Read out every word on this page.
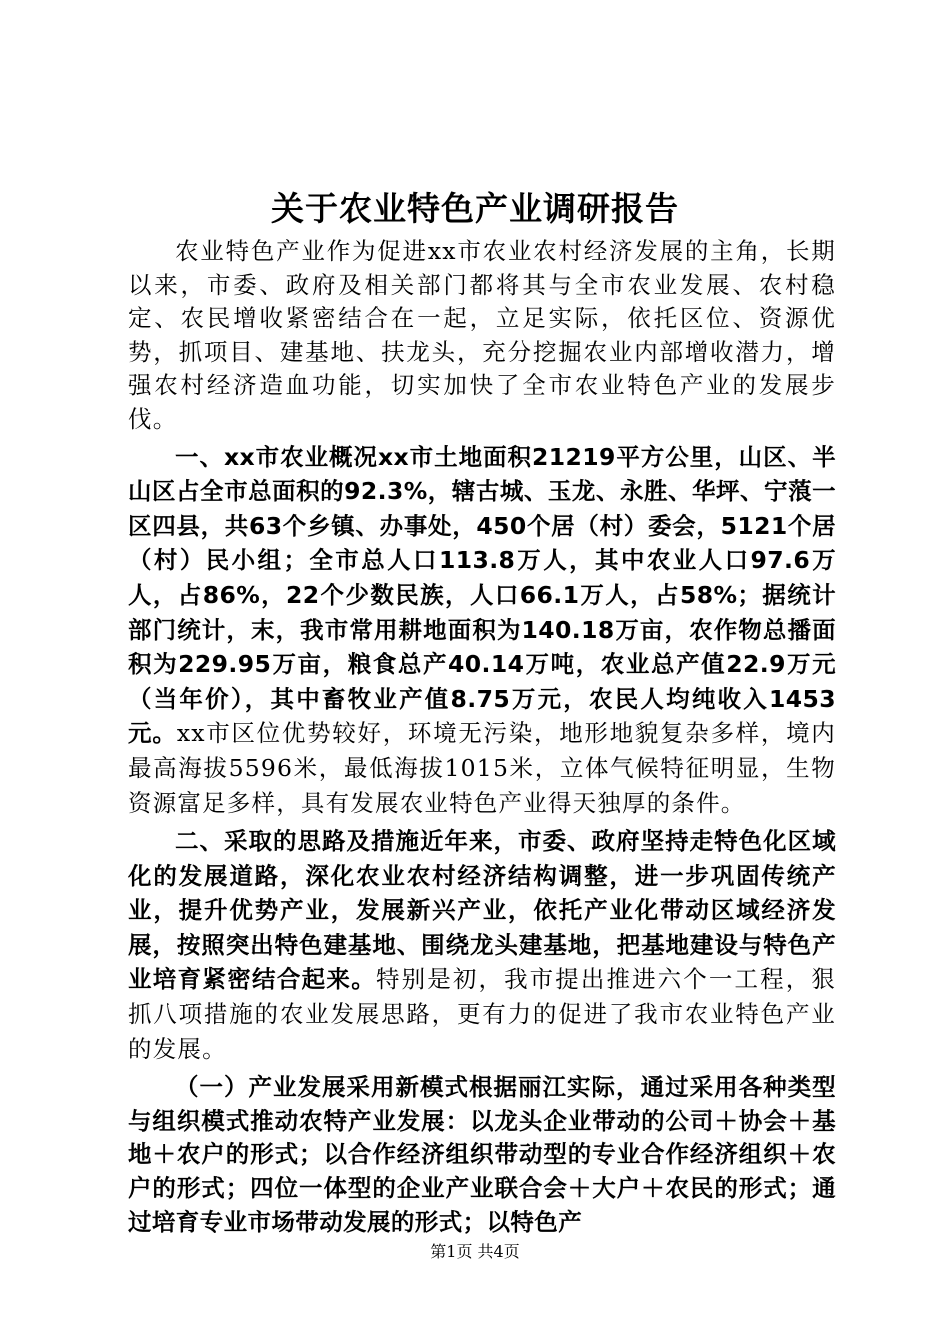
关于农业特色产业调研报告

农业特色产业作为促进xx市农业农村经济发展的主角，长期以来，市委、政府及相关部门都将其与全市农业发展、农村稳定、农民增收紧密结合在一起，立足实际，依托区位、资源优势，抓项目、建基地、扶龙头，充分挖掘农业内部增收潜力，增强农村经济造血功能，切实加快了全市农业特色产业的发展步伐。

一、xx市农业概况xx市土地面积21219平方公里，山区、半山区占全市总面积的92.3%，辖古城、玉龙、永胜、华坪、宁蒗一区四县，共63个乡镇、办事处，450个居（村）委会，5121个居（村）民小组；全市总人口113.8万人，其中农业人口97.6万人，占86%，22个少数民族，人口66.1万人，占58%；据统计部门统计，末，我市常用耕地面积为140.18万亩，农作物总播面积为229.95万亩，粮食总产40.14万吨，农业总产值22.9万元（当年价），其中畜牧业产值8.75万元，农民人均纯收入1453元。xx市区位优势较好，环境无污染，地形地貌复杂多样，境内最高海拔5596米，最低海拔1015米，立体气候特征明显，生物资源富足多样，具有发展农业特色产业得天独厚的条件。

二、采取的思路及措施近年来，市委、政府坚持走特色化区域化的发展道路，深化农业农村经济结构调整，进一步巩固传统产业，提升优势产业，发展新兴产业，依托产业化带动区域经济发展，按照突出特色建基地、围绕龙头建基地，把基地建设与特色产业培育紧密结合起来。特别是初，我市提出推进六个一工程，狠抓八项措施的农业发展思路，更有力的促进了我市农业特色产业的发展。

（一）产业发展采用新模式根据丽江实际，通过采用各种类型与组织模式推动农特产业发展：以龙头企业带动的公司＋协会＋基地＋农户的形式；以合作经济组织带动型的专业合作经济组织＋农户的形式；四位一体型的企业产业联合会＋大户＋农民的形式；通过培育专业市场带动发展的形式；以特色产

第1页 共4页
